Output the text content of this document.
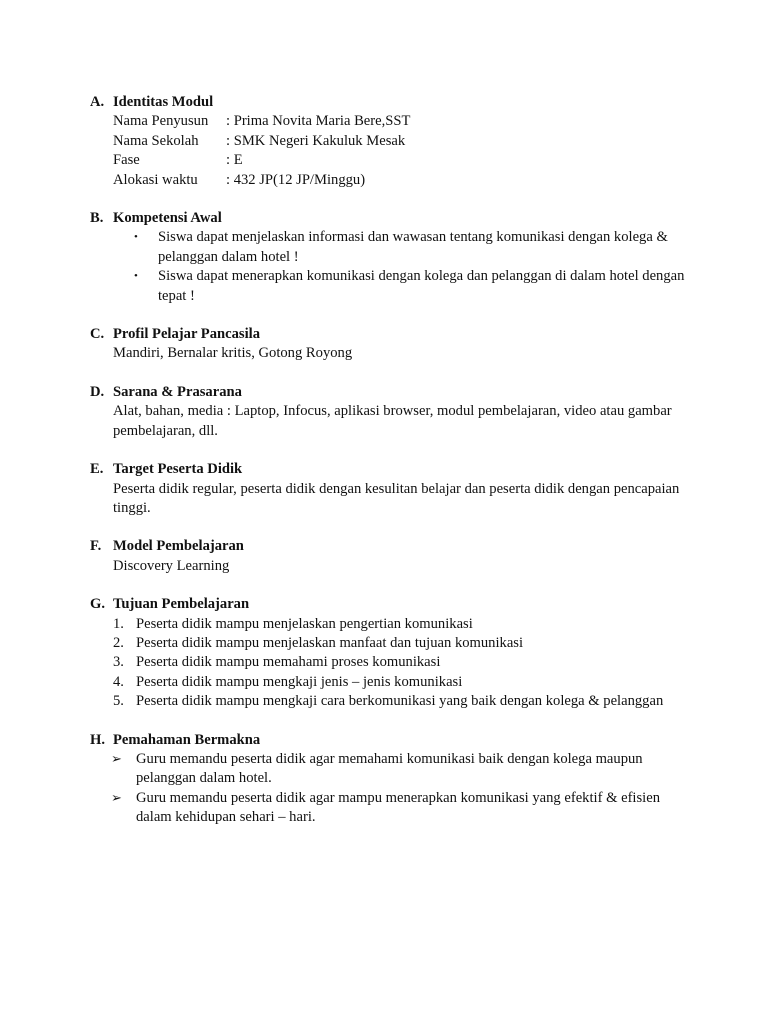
A. Identitas Modul
Nama Penyusun	: Prima Novita Maria Bere,SST
Nama Sekolah	: SMK Negeri Kakuluk Mesak
Fase	: E
Alokasi waktu	: 432 JP(12 JP/Minggu)
B. Kompetensi Awal
• Siswa dapat menjelaskan informasi dan wawasan tentang komunikasi dengan kolega & pelanggan dalam hotel !
• Siswa dapat menerapkan komunikasi dengan kolega dan pelanggan di dalam hotel dengan tepat !
C. Profil Pelajar Pancasila
Mandiri, Bernalar kritis, Gotong Royong
D. Sarana & Prasarana
Alat, bahan, media : Laptop, Infocus, aplikasi browser, modul pembelajaran, video atau gambar pembelajaran, dll.
E. Target Peserta Didik
Peserta didik regular, peserta didik dengan kesulitan belajar dan peserta didik dengan pencapaian tinggi.
F. Model Pembelajaran
Discovery Learning
G. Tujuan Pembelajaran
1. Peserta didik mampu menjelaskan pengertian komunikasi
2. Peserta didik mampu menjelaskan manfaat dan tujuan komunikasi
3. Peserta didik mampu memahami proses komunikasi
4. Peserta didik mampu mengkaji jenis – jenis komunikasi
5. Peserta didik mampu mengkaji cara berkomunikasi yang baik dengan kolega & pelanggan
H. Pemahaman Bermakna
➢ Guru memandu peserta didik agar memahami komunikasi baik dengan kolega maupun pelanggan dalam hotel.
➢ Guru memandu peserta didik agar mampu menerapkan komunikasi yang efektif & efisien dalam kehidupan sehari – hari.
